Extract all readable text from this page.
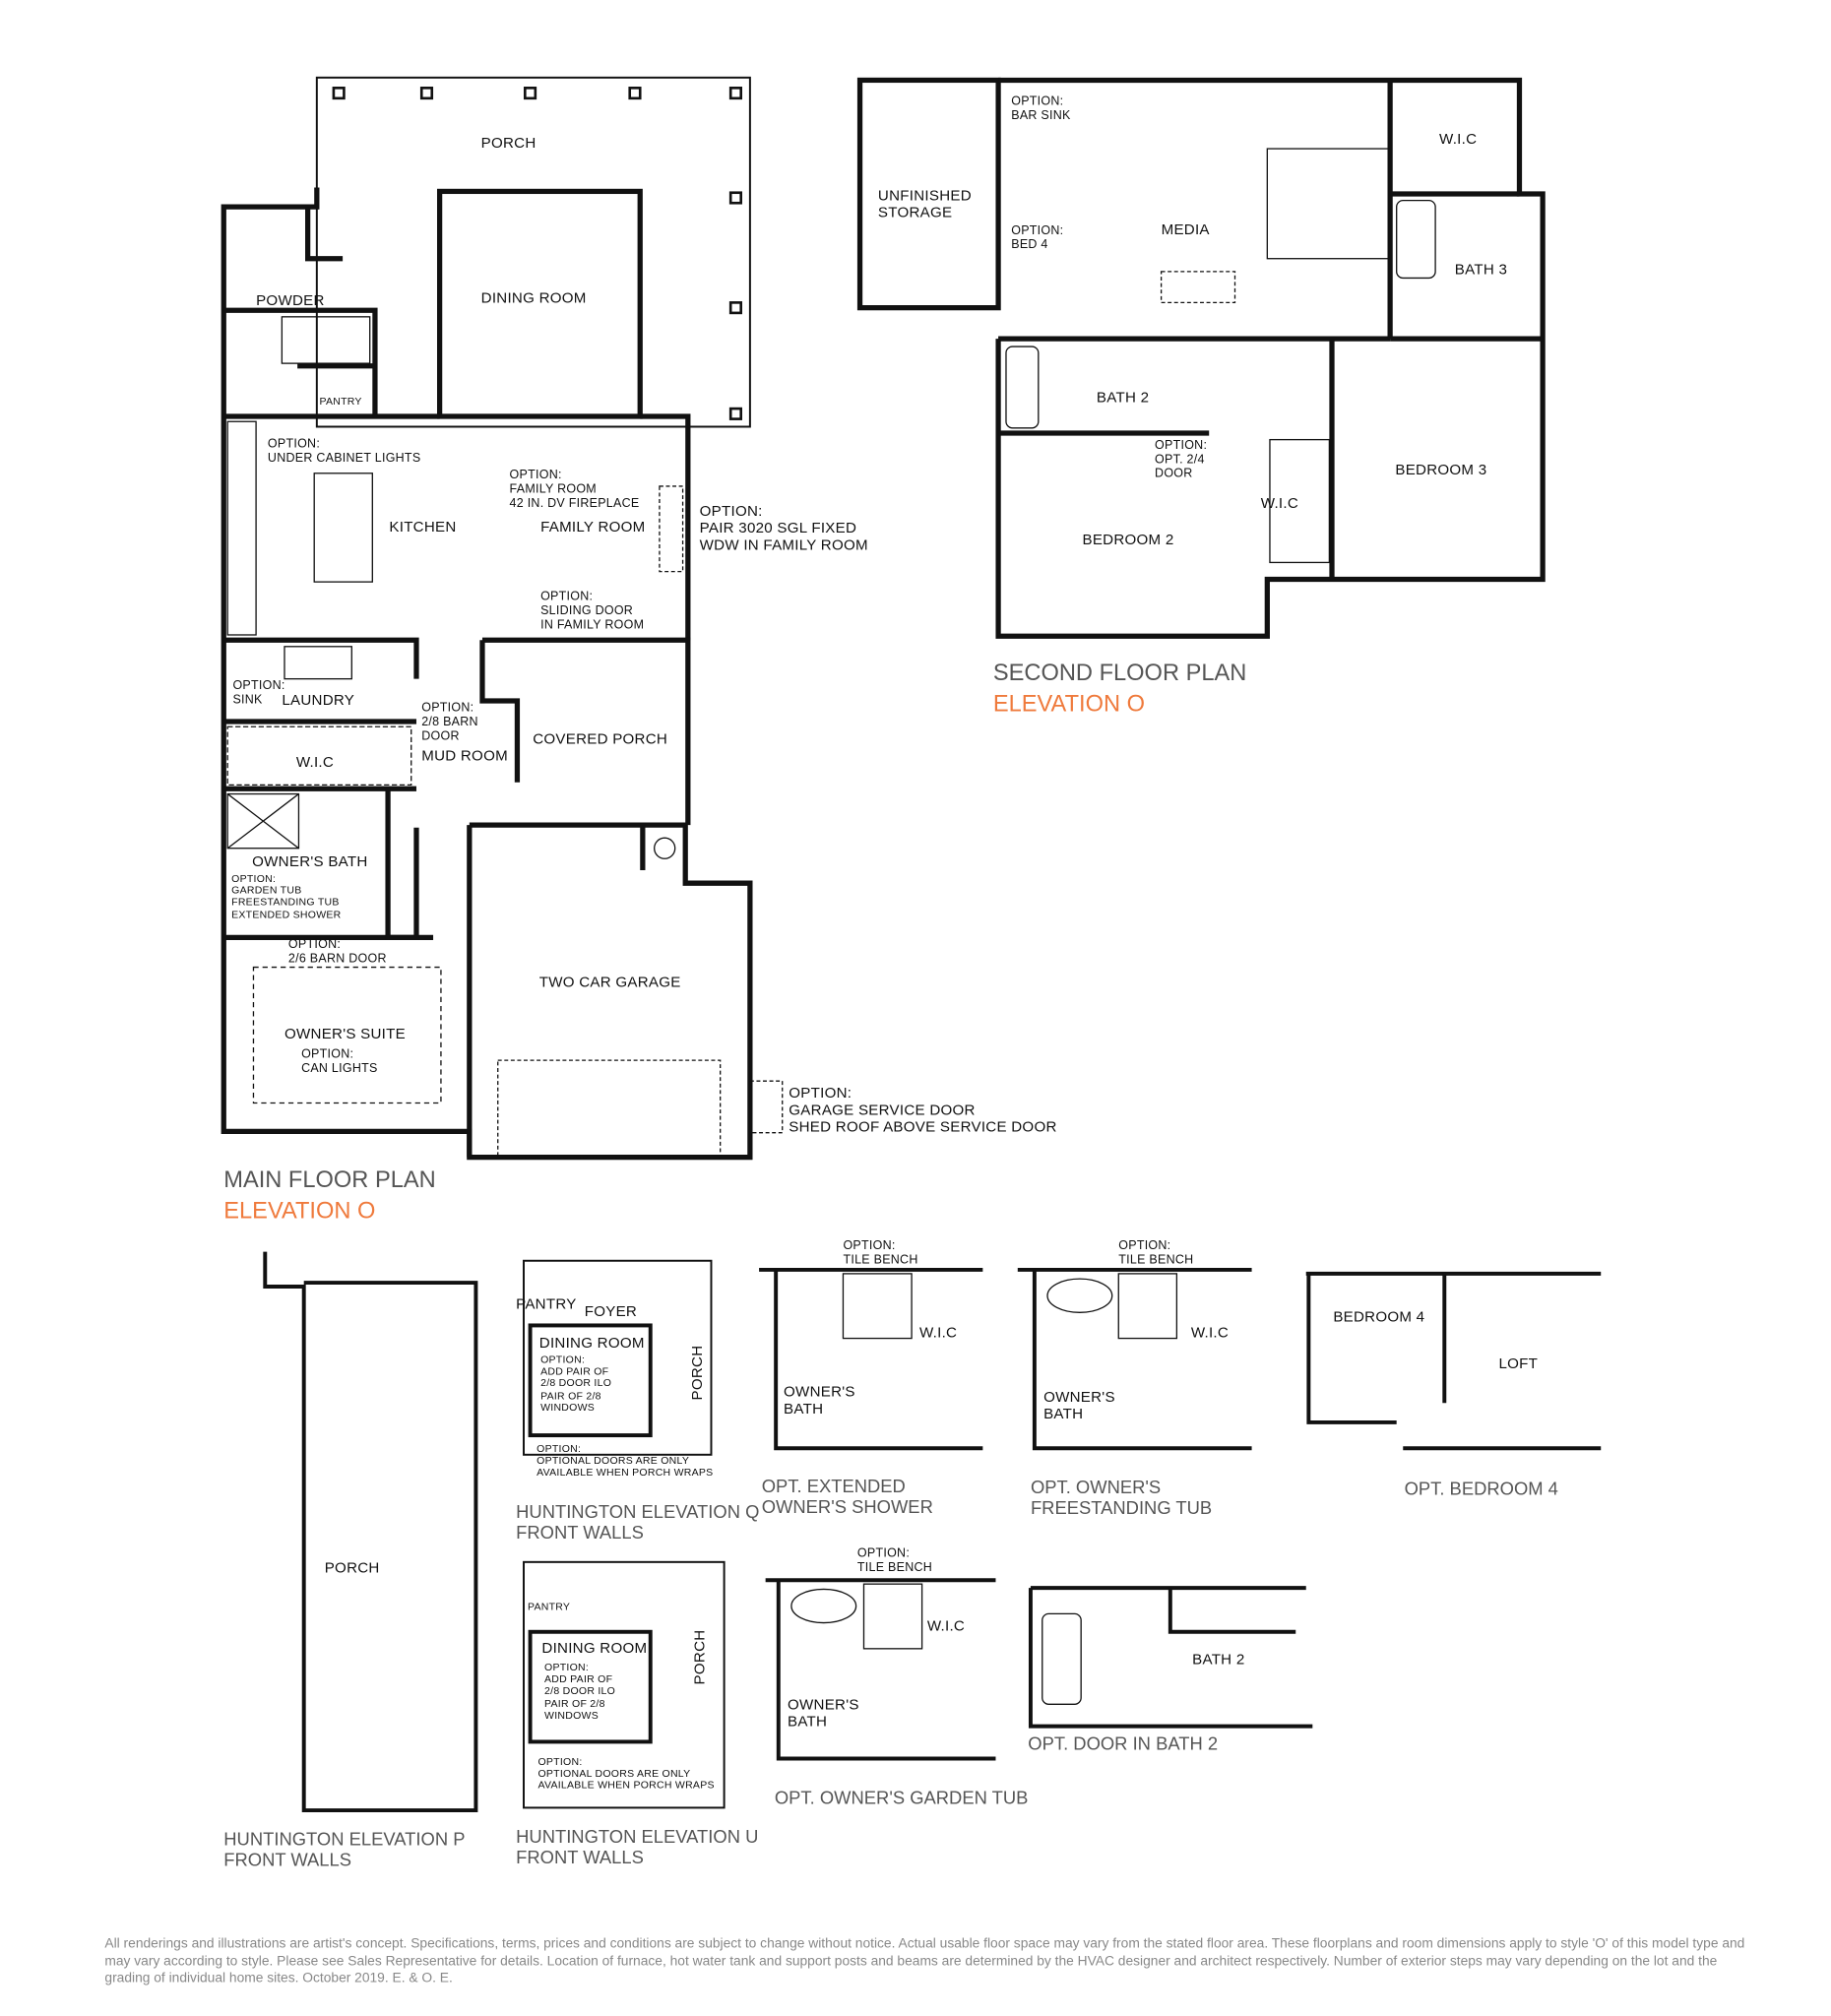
PORCH
DINING ROOM
POWDER
PANTRY
OPTION:
UNDER CABINET LIGHTS
OPTION:
FAMILY ROOM
42 IN. DV FIREPLACE
KITCHEN	FAMILY ROOM
OPTION:
PAIR 3020 SGL FIXED
WDW IN FAMILY ROOM
OPTION:
SLIDING DOOR
IN FAMILY ROOM
OPTION:
SINK	LAUNDRY	OPTION:
2/8 BARN
DOOR
MUD ROOM
COVERED PORCH
W.I.C
OWNER'S BATH
OPTION:
GARDEN TUB
FREESTANDING TUB
EXTENDED SHOWER
OPTION:
2/6 BARN DOOR
TWO CAR GARAGE
OWNER'S SUITE
OPTION:
CAN LIGHTS
OPTION:
GARAGE SERVICE DOOR
SHED ROOF ABOVE SERVICE DOOR
MAIN FLOOR PLAN
ELEVATION O
UNFINISHED
STORAGE
OPTION:
BAR SINK
OPTION:
BED 4
MEDIA
W.I.C
BATH 3
BATH 2
OPTION:
OPT. 2/4
DOOR
W.I.C
BEDROOM 3
BEDROOM 2
SECOND FLOOR PLAN
ELEVATION O
PORCH
HUNTINGTON ELEVATION P
FRONT WALLS
PANTRY FOYER
DINING ROOM
PORCH
OPTION:
ADD PAIR OF
2/8 DOOR ILO
PAIR OF 2/8
WINDOWS
OPTION:
OPTIONAL DOORS ARE ONLY
AVAILABLE WHEN PORCH WRAPS
HUNTINGTON ELEVATION Q
FRONT WALLS
PANTRY
DINING ROOM	PORCH
OPTION:
ADD PAIR OF
2/8 DOOR ILO
PAIR OF 2/8
WINDOWS
OPTION:
OPTIONAL DOORS ARE ONLY
AVAILABLE WHEN PORCH WRAPS
HUNTINGTON ELEVATION U
FRONT WALLS
OPTION:
TILE BENCH
W.I.C
OWNER'S
BATH
OPT. EXTENDED
OWNER'S SHOWER
OPTION:
TILE BENCH
W.I.C
OWNER'S
BATH
OPT. OWNER'S
FREESTANDING TUB
BEDROOM 4
LOFT
OPT. BEDROOM 4
OPTION:
TILE BENCH
W.I.C
OWNER'S
BATH
OPT. OWNER'S GARDEN TUB
BATH 2
OPT. DOOR IN BATH 2
All renderings and illustrations are artist's concept. Specifications, terms, prices and conditions are subject to change without notice. Actual usable floor space may vary from the stated floor area. These floorplans and room dimensions apply to style 'O' of this model type and may vary according to style. Please see Sales Representative for details. Location of furnace, hot water tank and support posts and beams are determined by the HVAC designer and architect respectively. Number of exterior steps may vary depending on the lot and the grading of individual home sites. October 2019. E. & O. E.
